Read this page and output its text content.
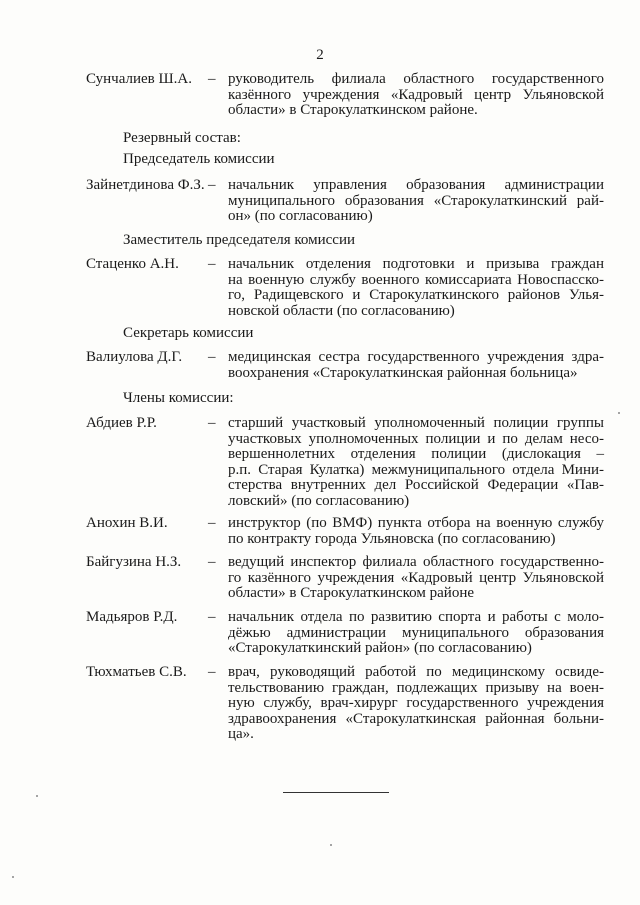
2
Сунчалиев Ш.А. – руководитель филиала областного государственного
казённого учреждения «Кадровый центр Ульяновской
области» в Старокулаткинском районе.
Резервный состав:
Председатель комиссии
Зайнетдинова Ф.З. – начальник управления образования администрации
муниципального образования «Старокулаткинский рай-
он» (по согласованию)
Заместитель председателя комиссии
Стаценко А.Н. – начальник отделения подготовки и призыва граждан
на военную службу военного комиссариата Новоспасско-
го, Радищевского и Старокулаткинского районов Улья-
новской области (по согласованию)
Секретарь комиссии
Валиулова Д.Г. – медицинская сестра государственного учреждения здра-
воохранения «Старокулаткинская районная больница»
Члены комиссии:
Абдиев Р.Р.	– старший участковый уполномоченный полиции группы
участковых уполномоченных полиции и по делам несо-
вершеннолетних отделения полиции (дислокация –
р.п. Старая Кулатка) межмуниципального отдела Мини-
стерства внутренних дел Российской Федерации «Пав-
ловский» (по согласованию)
Анохин В.И.	– инструктор (по ВМФ) пункта отбора на военную службу
по контракту города Ульяновска (по согласованию)
Байгузина Н.З. – ведущий инспектор филиала областного государственно-
го казённого учреждения «Кадровый центр Ульяновской
области» в Старокулаткинском районе
Мадьяров Р.Д. – начальник отдела по развитию спорта и работы с моло-
дёжью администрации муниципального образования
«Старокулаткинский район» (по согласованию)
Тюхматьев С.В. – врач, руководящий работой по медицинскому освиде-
тельствованию граждан, подлежащих призыву на воен-
ную службу, врач-хирург государственного учреждения
здравоохранения «Старокулаткинская районная больни-
ца».
